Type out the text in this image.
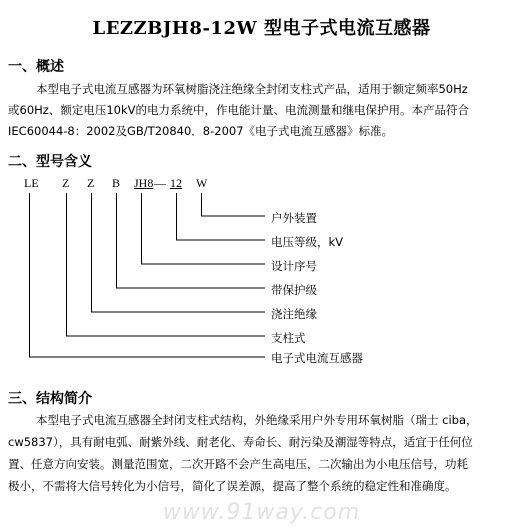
LEZZBJH8-12W 型电子式电流互感器
一、概述
本型电子式电流互感器为环氧树脂浇注绝缘全封闭支柱式产品，适用于额定频率50Hz
或60Hz、额定电压10kV的电力系统中，作电能计量、电流测量和继电保护用。本产品符合
IEC60044-8：2002及GB/T20840．8-2007《电子式电流互感器》标准。
二、型号含义
LE Z Z B JH8 — 12 W
户外装置
电压等级，kV
设计序号
带保护级
浇注绝缘
支柱式
电子式电流互感器
三、结构简介
本型电子式电流互感器全封闭支柱式结构，外绝缘采用户外专用环氧树脂（瑞士 ciba，
cw5837），具有耐电弧、耐紫外线、耐老化、寿命长、耐污染及潮湿等特点，适宜于任何位
置、任意方向安装。测量范围宽，二次开路不会产生高电压，二次输出为小电压信号，功耗
极小，不需将大信号转化为小信号，简化了误差源，提高了整个系统的稳定性和准确度。
www.91way.com
